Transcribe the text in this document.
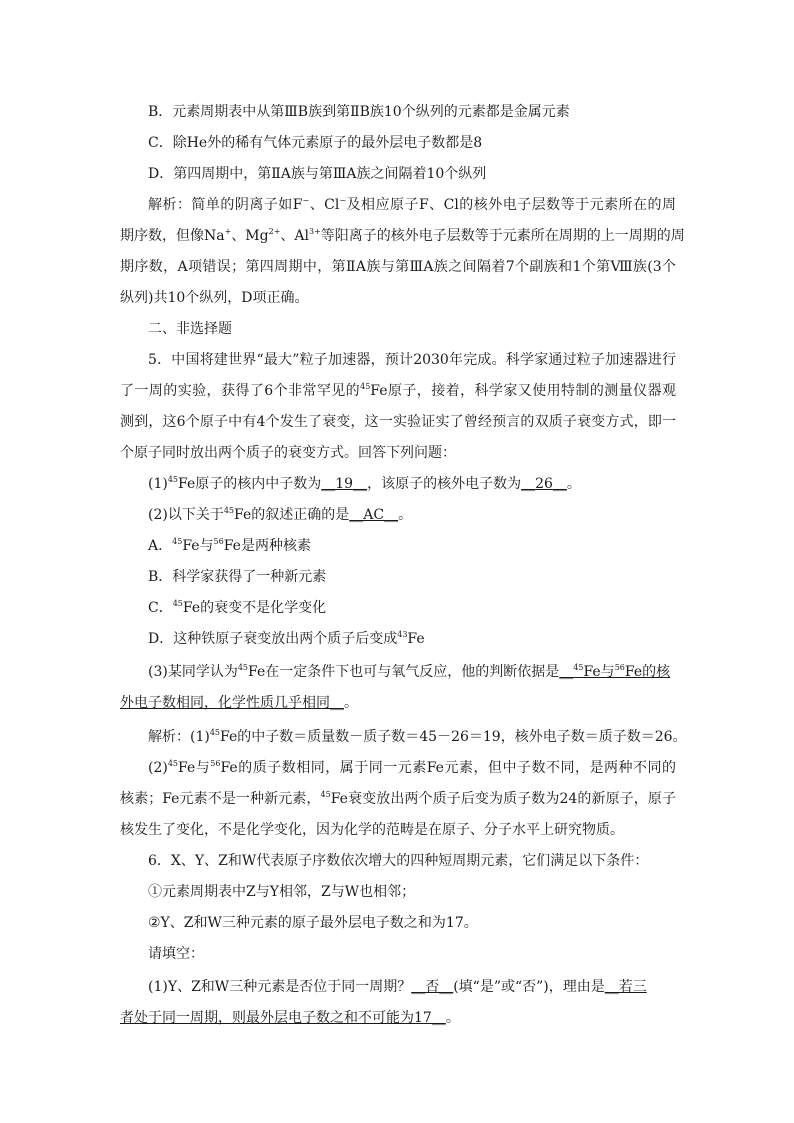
B．元素周期表中从第ⅢB族到第ⅡB族10个纵列的元素都是金属元素
C．除He外的稀有气体元素原子的最外层电子数都是8
D．第四周期中，第ⅡA族与第ⅢA族之间隔着10个纵列
解析：简单的阴离子如F−、Cl−及相应原子F、Cl的核外电子层数等于元素所在的周
期序数，但像Na+、$Mg^{2+}$、$Al^{3+}$等阳离子的核外电子层数等于元素所在周期的上一周期的周
期序数，A项错误；第四周期中，第ⅡA族与第ⅢA族之间隔着7个副族和1个第Ⅷ族(3个
纵列)共10个纵列，D项正确。
二、非选择题
5．中国将建世界“最大”粒子加速器，预计2030年完成。科学家通过粒子加速器进行
了一周的实验，获得了6个非常罕见的$^{45}$Fe原子，接着，科学家又使用特制的测量仪器观
测到，这6个原子中有4个发生了衰变，这一实验证实了曾经预言的双质子衰变方式，即一
个原子同时放出两个质子的衰变方式。回答下列问题：
$(1)^{45}Fe$原子的核内中子数为__19__，该原子的核外电子数为__26__。
(2)以下关于$^{45}$Fe的叙述正确的是__AC__。
A．$^{45}$Fe与$^{56}$Fe是两种核素
B．科学家获得了一种新元素
C．$^{45}$Fe的衰变不是化学变化
D．这种铁原子衰变放出两个质子后变成$^{43}$Fe
(3)某同学认为$^{45}$Fe在一定条件下也可与氧气反应，他的判断依据是__$^{45}$Fe与$^{56}$Fe的核
外电子数相同，化学性质几乎相同__。
解析：$(1)^{45}Fe$的中子数＝质量数－质子数＝45－26＝19，核外电子数＝质子数＝26。
$(2)^{45}Fe$与$^{56}$Fe的质子数相同，属于同一元素Fe元素，但中子数不同，是两种不同的
核素；Fe元素不是一种新元素，$^{45}$Fe衰变放出两个质子后变为质子数为24的新原子，原子
核发生了变化，不是化学变化，因为化学的范畴是在原子、分子水平上研究物质。
6．X、Y、Z和W代表原子序数依次增大的四种短周期元素，它们满足以下条件：
①元素周期表中Z与Y相邻，Z与W也相邻；
②Y、Z和W三种元素的原子最外层电子数之和为17。
请填空：
(1)Y、Z和W三种元素是否位于同一周期？__否__(填“是”或“否”)，理由是__若三
者处于同一周期，则最外层电子数之和不可能为17__。
